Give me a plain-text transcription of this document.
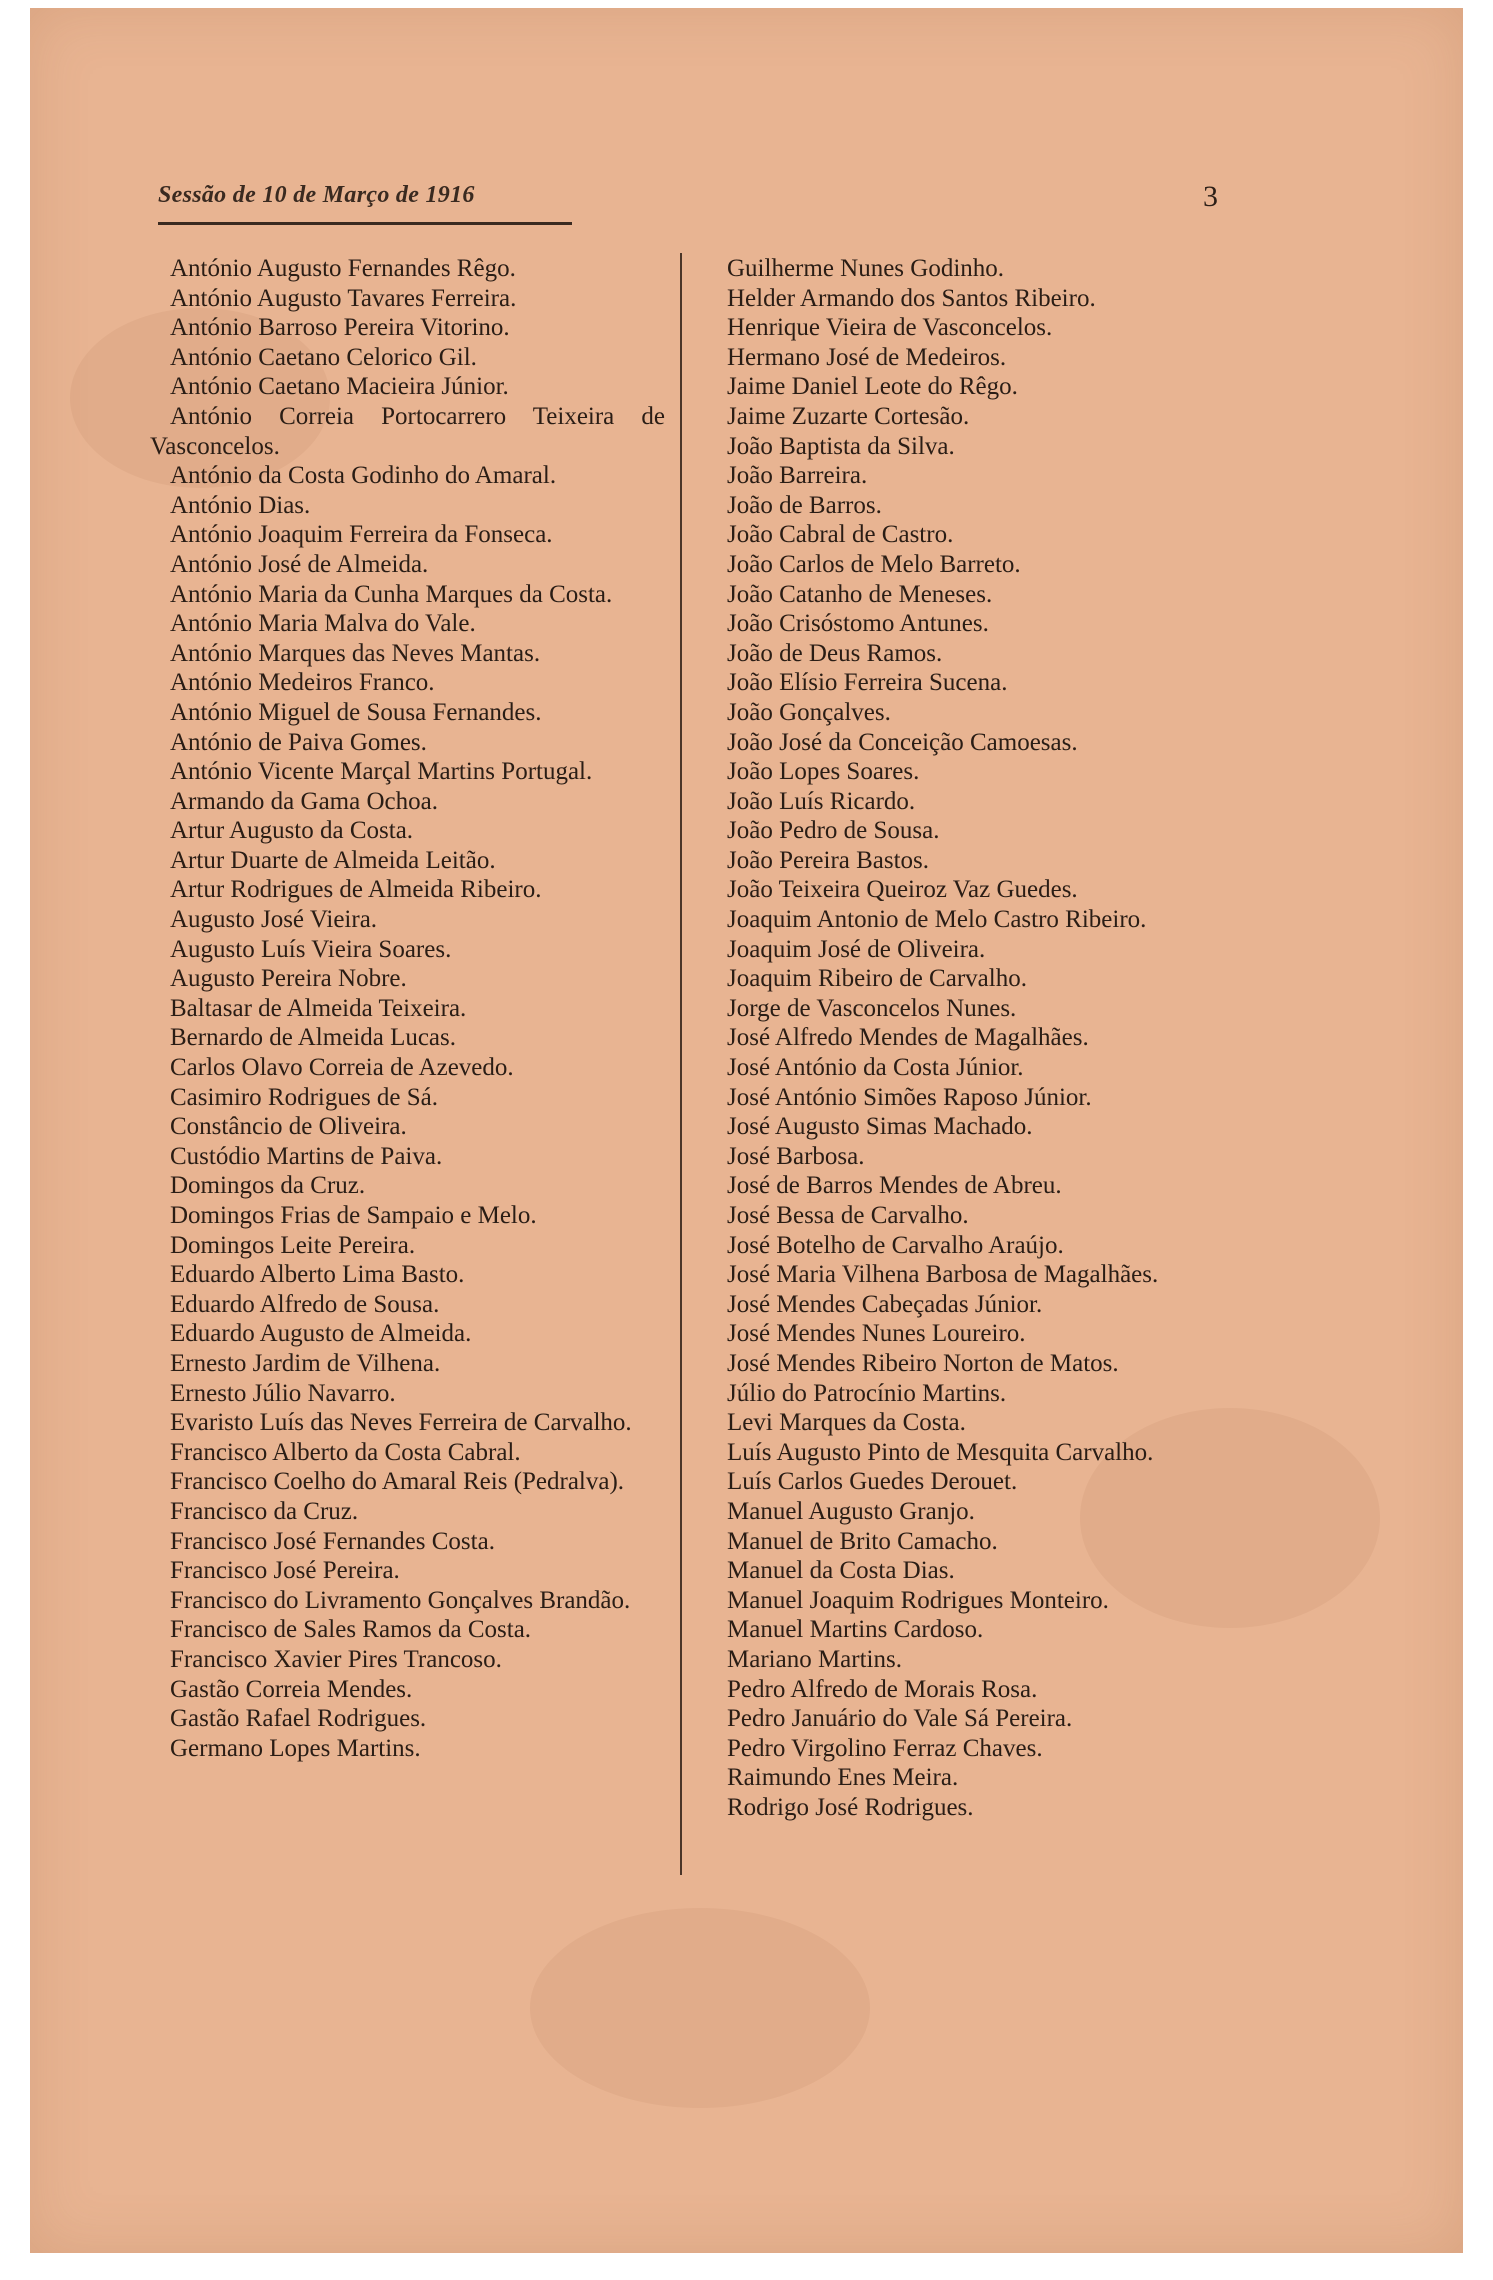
Sessão de 10 de Março de 1916	3
António Augusto Fernandes Rêgo.
António Augusto Tavares Ferreira.
António Barroso Pereira Vitorino.
António Caetano Celorico Gil.
António Caetano Macieira Júnior.
António Correia Portocarrero Teixeira de Vasconcelos.
António da Costa Godinho do Amaral.
António Dias.
António Joaquim Ferreira da Fonseca.
António José de Almeida.
António Maria da Cunha Marques da Costa.
António Maria Malva do Vale.
António Marques das Neves Mantas.
António Medeiros Franco.
António Miguel de Sousa Fernandes.
António de Paiva Gomes.
António Vicente Marçal Martins Portugal.
Armando da Gama Ochoa.
Artur Augusto da Costa.
Artur Duarte de Almeida Leitão.
Artur Rodrigues de Almeida Ribeiro.
Augusto José Vieira.
Augusto Luís Vieira Soares.
Augusto Pereira Nobre.
Baltasar de Almeida Teixeira.
Bernardo de Almeida Lucas.
Carlos Olavo Correia de Azevedo.
Casimiro Rodrigues de Sá.
Constâncio de Oliveira.
Custódio Martins de Paiva.
Domingos da Cruz.
Domingos Frias de Sampaio e Melo.
Domingos Leite Pereira.
Eduardo Alberto Lima Basto.
Eduardo Alfredo de Sousa.
Eduardo Augusto de Almeida.
Ernesto Jardim de Vilhena.
Ernesto Júlio Navarro.
Evaristo Luís das Neves Ferreira de Carvalho.
Francisco Alberto da Costa Cabral.
Francisco Coelho do Amaral Reis (Pedralva).
Francisco da Cruz.
Francisco José Fernandes Costa.
Francisco José Pereira.
Francisco do Livramento Gonçalves Brandão.
Francisco de Sales Ramos da Costa.
Francisco Xavier Pires Trancoso.
Gastão Correia Mendes.
Gastão Rafael Rodrigues.
Germano Lopes Martins.
Guilherme Nunes Godinho.
Helder Armando dos Santos Ribeiro.
Henrique Vieira de Vasconcelos.
Hermano José de Medeiros.
Jaime Daniel Leote do Rêgo.
Jaime Zuzarte Cortesão.
João Baptista da Silva.
João Barreira.
João de Barros.
João Cabral de Castro.
João Carlos de Melo Barreto.
João Catanho de Meneses.
João Crisóstomo Antunes.
João de Deus Ramos.
João Elísio Ferreira Sucena.
João Gonçalves.
João José da Conceição Camoesas.
João Lopes Soares.
João Luís Ricardo.
João Pedro de Sousa.
João Pereira Bastos.
João Teixeira Queiroz Vaz Guedes.
Joaquim Antonio de Melo Castro Ribeiro.
Joaquim José de Oliveira.
Joaquim Ribeiro de Carvalho.
Jorge de Vasconcelos Nunes.
José Alfredo Mendes de Magalhães.
José António da Costa Júnior.
José António Simões Raposo Júnior.
José Augusto Simas Machado.
José Barbosa.
José de Barros Mendes de Abreu.
José Bessa de Carvalho.
José Botelho de Carvalho Araújo.
José Maria Vilhena Barbosa de Magalhães.
José Mendes Cabeçadas Júnior.
José Mendes Nunes Loureiro.
José Mendes Ribeiro Norton de Matos.
Júlio do Patrocínio Martins.
Levi Marques da Costa.
Luís Augusto Pinto de Mesquita Carvalho.
Luís Carlos Guedes Derouet.
Manuel Augusto Granjo.
Manuel de Brito Camacho.
Manuel da Costa Dias.
Manuel Joaquim Rodrigues Monteiro.
Manuel Martins Cardoso.
Mariano Martins.
Pedro Alfredo de Morais Rosa.
Pedro Januário do Vale Sá Pereira.
Pedro Virgolino Ferraz Chaves.
Raimundo Enes Meira.
Rodrigo José Rodrigues.
